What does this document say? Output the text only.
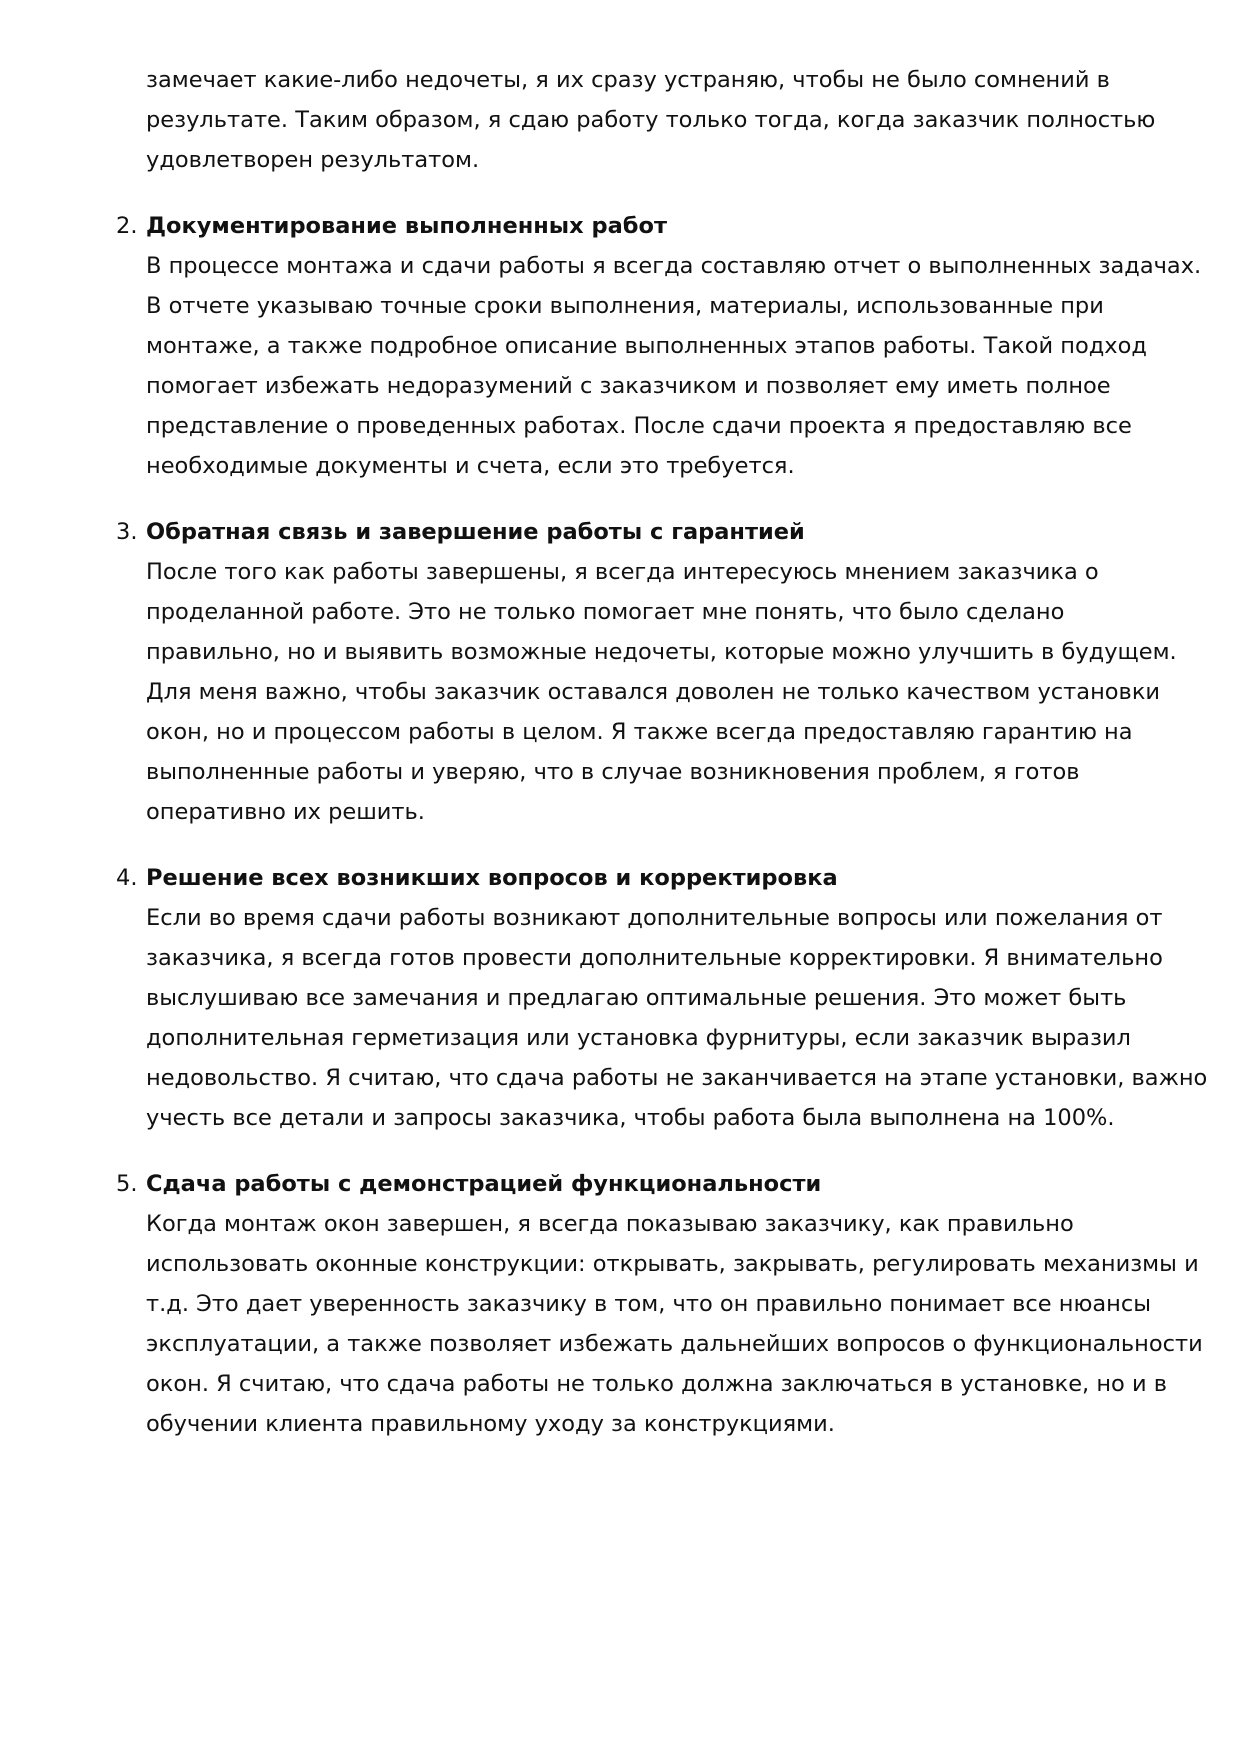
замечает какие-либо недочеты, я их сразу устраняю, чтобы не было сомнений в
результате. Таким образом, я сдаю работу только тогда, когда заказчик полностью
удовлетворен результатом.
2. Документирование выполненных работ
В процессе монтажа и сдачи работы я всегда составляю отчет о выполненных задачах.
В отчете указываю точные сроки выполнения, материалы, использованные при
монтаже, а также подробное описание выполненных этапов работы. Такой подход
помогает избежать недоразумений с заказчиком и позволяет ему иметь полное
представление о проведенных работах. После сдачи проекта я предоставляю все
необходимые документы и счета, если это требуется.
3. Обратная связь и завершение работы с гарантией
После того как работы завершены, я всегда интересуюсь мнением заказчика о
проделанной работе. Это не только помогает мне понять, что было сделано
правильно, но и выявить возможные недочеты, которые можно улучшить в будущем.
Для меня важно, чтобы заказчик оставался доволен не только качеством установки
окон, но и процессом работы в целом. Я также всегда предоставляю гарантию на
выполненные работы и уверяю, что в случае возникновения проблем, я готов
оперативно их решить.
4. Решение всех возникших вопросов и корректировка
Если во время сдачи работы возникают дополнительные вопросы или пожелания от
заказчика, я всегда готов провести дополнительные корректировки. Я внимательно
выслушиваю все замечания и предлагаю оптимальные решения. Это может быть
дополнительная герметизация или установка фурнитуры, если заказчик выразил
недовольство. Я считаю, что сдача работы не заканчивается на этапе установки, важно
учесть все детали и запросы заказчика, чтобы работа была выполнена на 100%.
5. Сдача работы с демонстрацией функциональности
Когда монтаж окон завершен, я всегда показываю заказчику, как правильно
использовать оконные конструкции: открывать, закрывать, регулировать механизмы и
т.д. Это дает уверенность заказчику в том, что он правильно понимает все нюансы
эксплуатации, а также позволяет избежать дальнейших вопросов о функциональности
окон. Я считаю, что сдача работы не только должна заключаться в установке, но и в
обучении клиента правильному уходу за конструкциями.
